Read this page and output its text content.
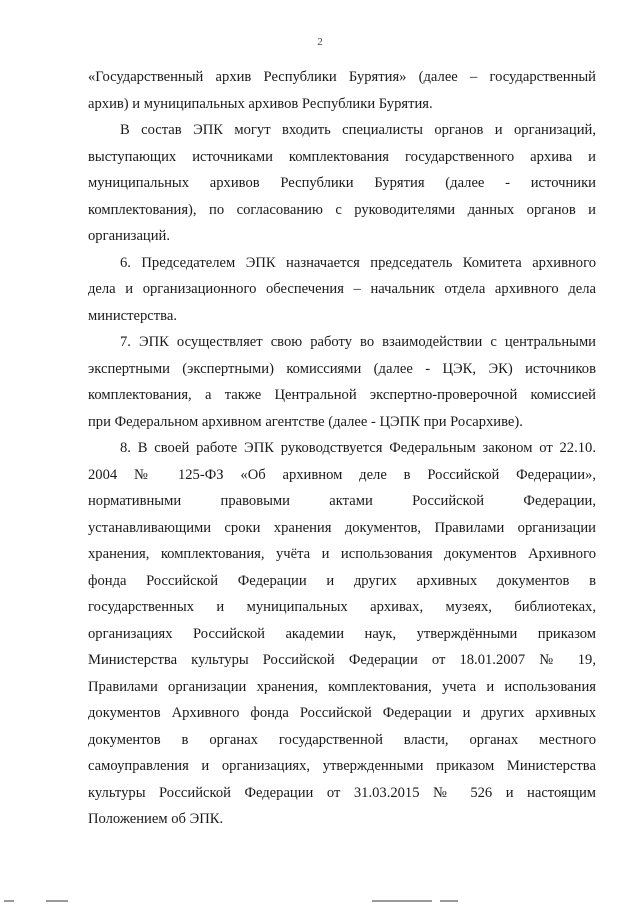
2

«Государственный архив Республики Бурятия» (далее – государственный
архив) и муниципальных архивов Республики Бурятия.

В состав ЭПК могут входить специалисты органов и организаций,
выступающих источниками комплектования государственного архива и
муниципальных архивов Республики Бурятия (далее - источники
комплектования), по согласованию с руководителями данных органов и
организаций.

6. Председателем ЭПК назначается председатель Комитета архивного
дела и организационного обеспечения – начальник отдела архивного дела
министерства.

7. ЭПК осуществляет свою работу во взаимодействии с центральными
экспертными (экспертными) комиссиями (далее - ЦЭК, ЭК) источников
комплектования, а также Центральной экспертно-проверочной комиссией
при Федеральном архивном агентстве (далее - ЦЭПК при Росархиве).

8. В своей работе ЭПК руководствуется Федеральным законом от 22.10.
2004 № 125-ФЗ «Об архивном деле в Российской Федерации»,
нормативными правовыми актами Российской Федерации,
устанавливающими сроки хранения документов, Правилами организации
хранения, комплектования, учёта и использования документов Архивного
фонда Российской Федерации и других архивных документов в
государственных и муниципальных архивах, музеях, библиотеках,
организациях Российской академии наук, утверждёнными приказом
Министерства культуры Российской Федерации от 18.01.2007 № 19,
Правилами организации хранения, комплектования, учета и использования
документов Архивного фонда Российской Федерации и других архивных
документов в органах государственной власти, органах местного
самоуправления и организациях, утвержденными приказом Министерства
культуры Российской Федерации от 31.03.2015 № 526 и настоящим
Положением об ЭПК.
